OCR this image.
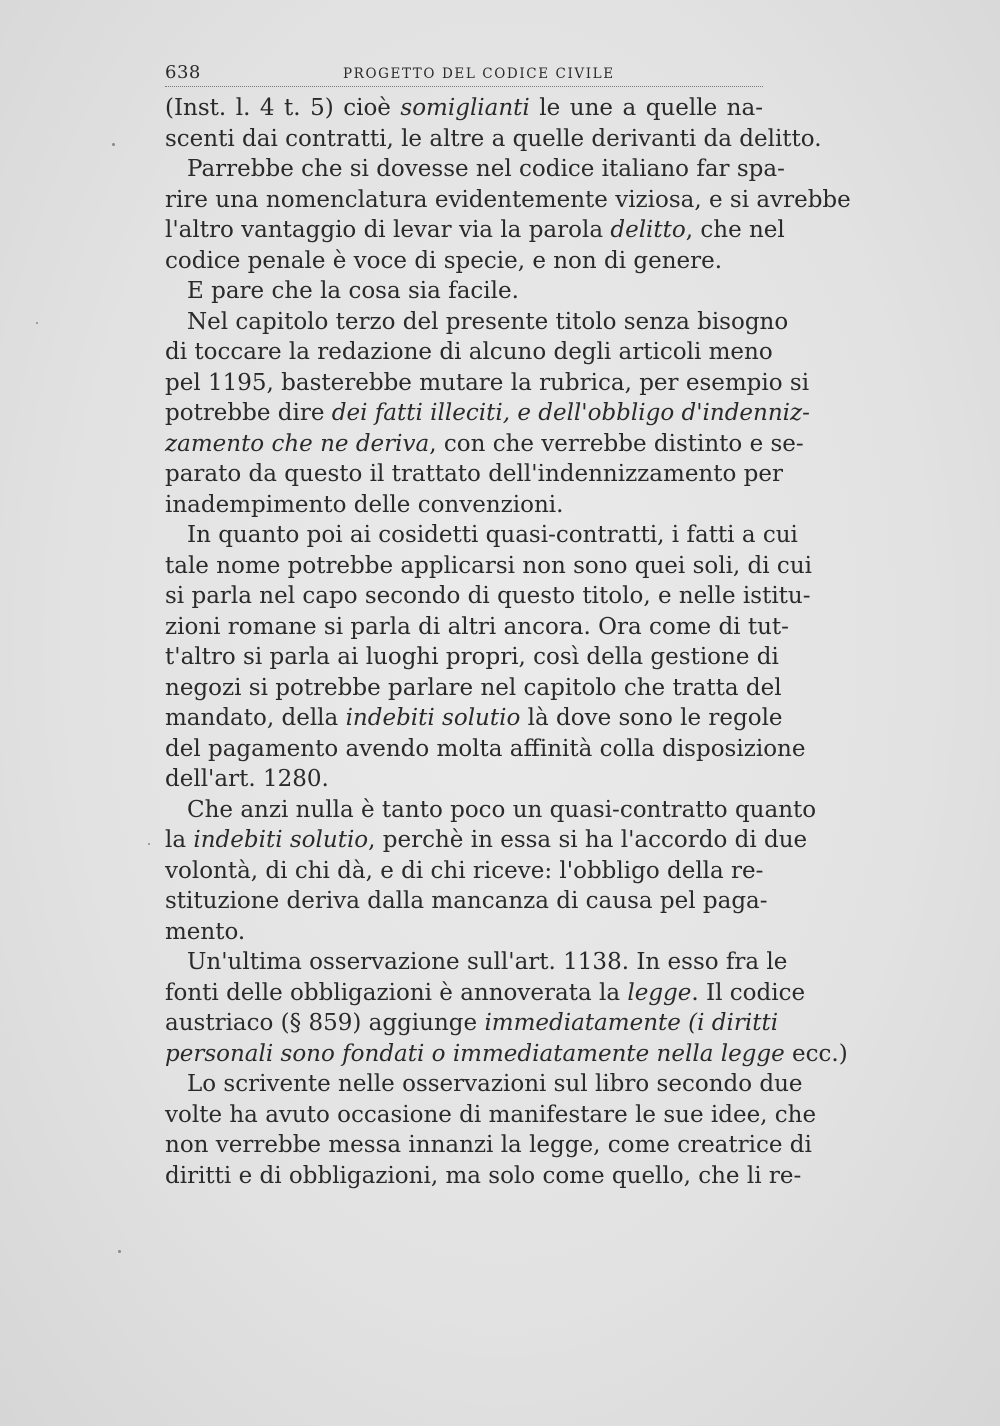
638	PROGETTO DEL CODICE CIVILE
(Inst. l. 4 t. 5) cioè somiglianti le une a quelle na-
scenti dai contratti, le altre a quelle derivanti da delitto.
Parrebbe che si dovesse nel codice italiano far spa-
rire una nomenclatura evidentemente viziosa, e si avrebbe
l'altro vantaggio di levar via la parola delitto, che nel
codice penale è voce di specie, e non di genere.
E pare che la cosa sia facile.
Nel capitolo terzo del presente titolo senza bisogno
di toccare la redazione di alcuno degli articoli meno
pel 1195, basterebbe mutare la rubrica, per esempio si
potrebbe dire dei fatti illeciti, e dell'obbligo d'indenniz-
zamento che ne deriva, con che verrebbe distinto e se-
parato da questo il trattato dell'indennizzamento per
inadempimento delle convenzioni.
In quanto poi ai cosidetti quasi-contratti, i fatti a cui
tale nome potrebbe applicarsi non sono quei soli, di cui
si parla nel capo secondo di questo titolo, e nelle istitu-
zioni romane si parla di altri ancora. Ora come di tut-
t'altro si parla ai luoghi propri, così della gestione di
negozi si potrebbe parlare nel capitolo che tratta del
mandato, della indebiti solutio là dove sono le regole
del pagamento avendo molta affinità colla disposizione
dell'art. 1280.
Che anzi nulla è tanto poco un quasi-contratto quanto
la indebiti solutio, perchè in essa si ha l'accordo di due
volontà, di chi dà, e di chi riceve: l'obbligo della re-
stituzione deriva dalla mancanza di causa pel paga-
mento.
Un'ultima osservazione sull'art. 1138. In esso fra le
fonti delle obbligazioni è annoverata la legge. Il codice
austriaco (§ 859) aggiunge immediatamente (i diritti
personali sono fondati o immediatamente nella legge ecc.)
Lo scrivente nelle osservazioni sul libro secondo due
volte ha avuto occasione di manifestare le sue idee, che
non verrebbe messa innanzi la legge, come creatrice di
diritti e di obbligazioni, ma solo come quello, che li re-
